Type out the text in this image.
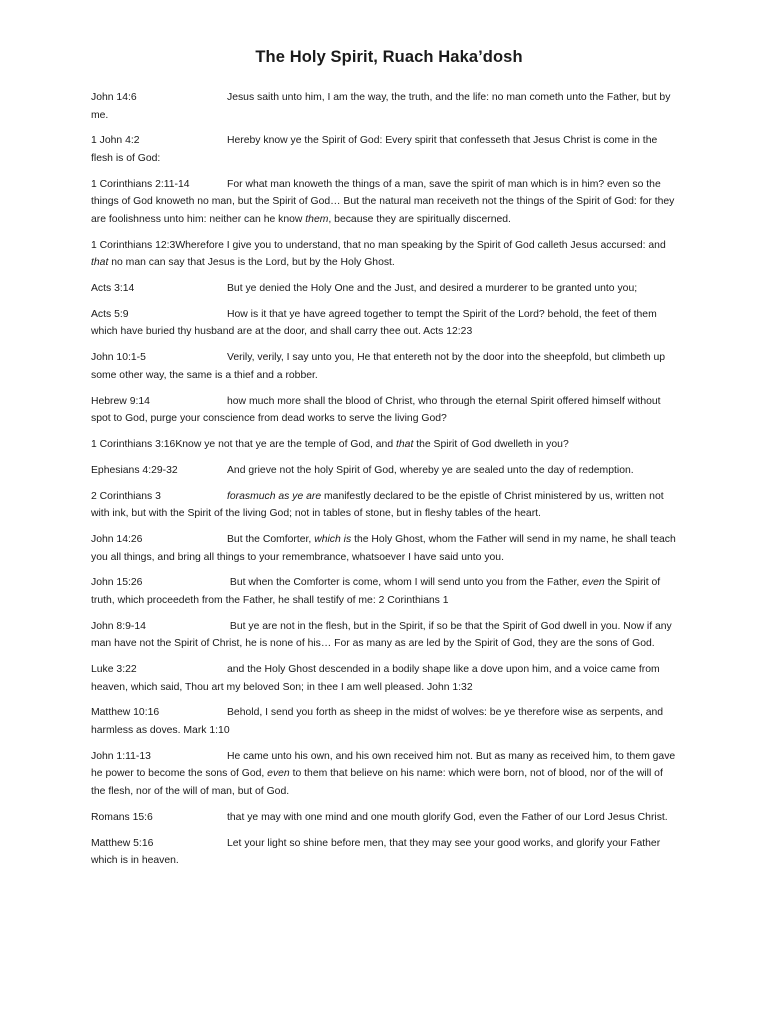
The Holy Spirit, Ruach Haka’dosh
John 14:6	Jesus saith unto him, I am the way, the truth, and the life: no man cometh unto the Father, but by me.
1 John 4:2	Hereby know ye the Spirit of God: Every spirit that confesseth that Jesus Christ is come in the flesh is of God:
1 Corinthians 2:11-14	For what man knoweth the things of a man, save the spirit of man which is in him? even so the things of God knoweth no man, but the Spirit of God… But the natural man receiveth not the things of the Spirit of God: for they are foolishness unto him: neither can he know them, because they are spiritually discerned.
1 Corinthians 12:3Wherefore I give you to understand, that no man speaking by the Spirit of God calleth Jesus accursed: and that no man can say that Jesus is the Lord, but by the Holy Ghost.
Acts 3:14	But ye denied the Holy One and the Just, and desired a murderer to be granted unto you;
Acts 5:9	How is it that ye have agreed together to tempt the Spirit of the Lord? behold, the feet of them which have buried thy husband are at the door, and shall carry thee out. Acts 12:23
John 10:1-5	Verily, verily, I say unto you, He that entereth not by the door into the sheepfold, but climbeth up some other way, the same is a thief and a robber.
Hebrew 9:14	how much more shall the blood of Christ, who through the eternal Spirit offered himself without spot to God, purge your conscience from dead works to serve the living God?
1 Corinthians 3:16Know ye not that ye are the temple of God, and that the Spirit of God dwelleth in you?
Ephesians 4:29-32	And grieve not the holy Spirit of God, whereby ye are sealed unto the day of redemption.
2 Corinthians 3	forasmuch as ye are manifestly declared to be the epistle of Christ ministered by us, written not with ink, but with the Spirit of the living God; not in tables of stone, but in fleshy tables of the heart.
John 14:26	But the Comforter, which is the Holy Ghost, whom the Father will send in my name, he shall teach you all things, and bring all things to your remembrance, whatsoever I have said unto you.
John 15:26	But when the Comforter is come, whom I will send unto you from the Father, even the Spirit of truth, which proceedeth from the Father, he shall testify of me: 2 Corinthians 1
John 8:9-14	But ye are not in the flesh, but in the Spirit, if so be that the Spirit of God dwell in you. Now if any man have not the Spirit of Christ, he is none of his… For as many as are led by the Spirit of God, they are the sons of God.
Luke 3:22	and the Holy Ghost descended in a bodily shape like a dove upon him, and a voice came from heaven, which said, Thou art my beloved Son; in thee I am well pleased. John 1:32
Matthew 10:16	Behold, I send you forth as sheep in the midst of wolves: be ye therefore wise as serpents, and harmless as doves. Mark 1:10
John 1:11-13	He came unto his own, and his own received him not. But as many as received him, to them gave he power to become the sons of God, even to them that believe on his name: which were born, not of blood, nor of the will of the flesh, nor of the will of man, but of God.
Romans 15:6	that ye may with one mind and one mouth glorify God, even the Father of our Lord Jesus Christ.
Matthew 5:16	Let your light so shine before men, that they may see your good works, and glorify your Father which is in heaven.
